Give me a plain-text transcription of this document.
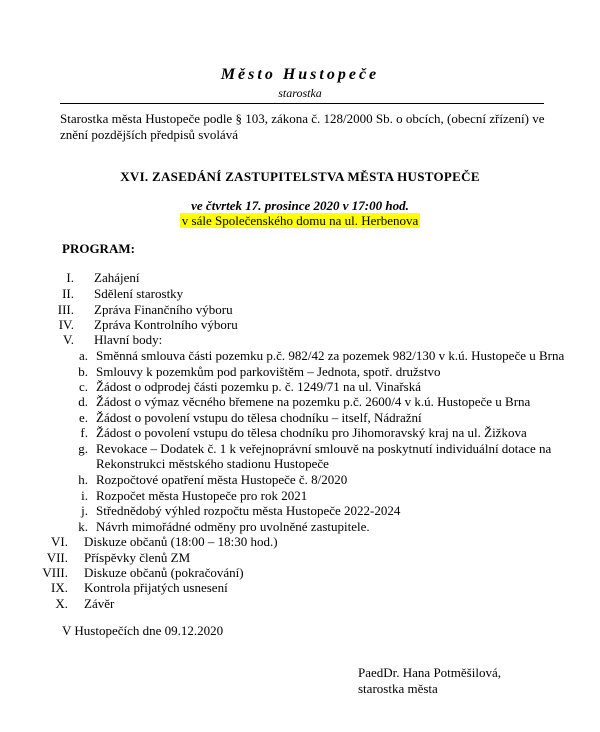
Město Hustopeče
starostka
Starostka města Hustopeče podle § 103, zákona č. 128/2000 Sb. o obcích, (obecní zřízení) ve znění pozdějších předpisů svolává
XVI. ZASEDÁNÍ ZASTUPITELSTVA MĚSTA HUSTOPEČE
ve čtvrtek 17. prosince 2020 v 17:00 hod.
v sále Společenského domu na ul. Herbenova
PROGRAM:
I. Zahájení
II. Sdělení starostky
III. Zpráva Finančního výboru
IV. Zpráva Kontrolního výboru
V. Hlavní body:
a. Směnná smlouva části pozemku p.č. 982/42 za pozemek 982/130 v k.ú. Hustopeče u Brna
b. Smlouvy k pozemkům pod parkovištěm – Jednota, spotř. družstvo
c. Žádost o odprodej části pozemku p. č. 1249/71 na ul. Vinařská
d. Žádost o výmaz věcného břemene na pozemku p.č. 2600/4 v k.ú. Hustopeče u Brna
e. Žádost o povolení vstupu do tělesa chodníku – itself, Nádražní
f. Žádost o povolení vstupu do tělesa chodníku pro Jihomoravský kraj na ul. Žižkova
g. Revokace – Dodatek č. 1 k veřejnoprávní smlouvě na poskytnutí individuální dotace na
Rekonstrukci městského stadionu Hustopeče
h. Rozpočtové opatření města Hustopeče č. 8/2020
i. Rozpočet města Hustopeče pro rok 2021
j. Střednědobý výhled rozpočtu města Hustopeče 2022-2024
k. Návrh mimořádné odměny pro uvolněné zastupitele.
VI. Diskuze občanů (18:00 – 18:30 hod.)
VII. Příspěvky členů ZM
VIII. Diskuze občanů (pokračování)
IX. Kontrola přijatých usnesení
X. Závěr
V Hustopečích dne 09.12.2020
PaedDr. Hana Potměšilová,
starostka města
